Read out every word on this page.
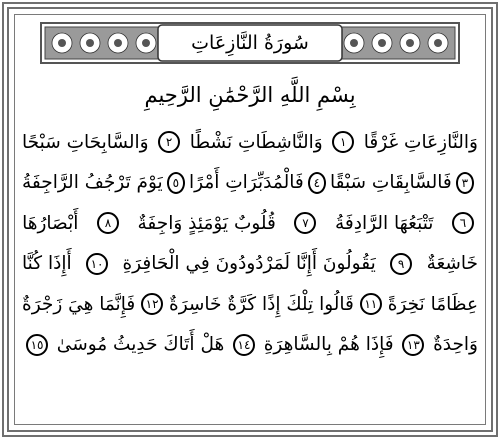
سُورَةُ النَّازِعَاتِ
بِسْمِ اللَّهِ الرَّحْمَٰنِ الرَّحِيمِ
وَالنَّازِعَاتِ غَرْقًا
١
وَالنَّاشِطَاتِ نَشْطًا
٢
وَالسَّابِحَاتِ سَبْحًا
٣
فَالسَّابِقَاتِ سَبْقًا
٤
فَالْمُدَبِّرَاتِ أَمْرًا
٥
يَوْمَ تَرْجُفُ الرَّاجِفَةُ
٦
تَتْبَعُهَا الرَّادِفَةُ
٧
قُلُوبٌ يَوْمَئِذٍ وَاجِفَةٌ
٨
أَبْصَارُهَا
خَاشِعَةٌ
٩
يَقُولُونَ أَإِنَّا لَمَرْدُودُونَ فِي الْحَافِرَةِ
١٠
أَإِذَا كُنَّا
عِظَامًا نَخِرَةً
١١
قَالُوا تِلْكَ إِذًا كَرَّةٌ خَاسِرَةٌ
١٢
فَإِنَّمَا هِيَ زَجْرَةٌ
وَاحِدَةٌ
١٣
فَإِذَا هُمْ بِالسَّاهِرَةِ
١٤
هَلْ أَتَاكَ حَدِيثُ مُوسَىٰ
١٥
